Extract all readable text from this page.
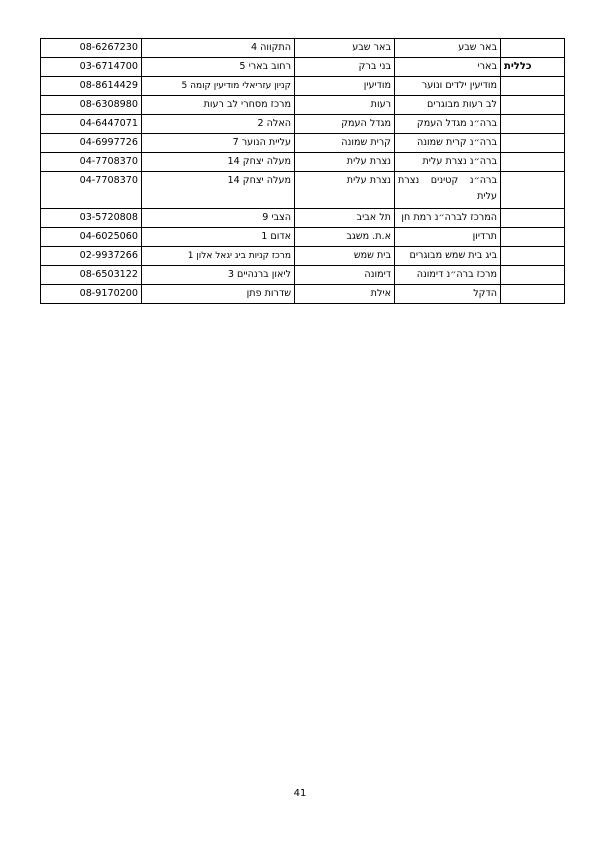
	באר שבע	באר שבע	התקווה 4	08-6267230

כללית	בארי	בני ברק	רחוב בארי 5	03-6714700

	מודיעין ילדים ונוער	מודיעין	קניון עזריאלי מודיעין קומה 5	08-8614429

	לב רעות מבוגרים	רעות	מרכז מסחרי לב רעות	08-6308980

	ברה״נ מגדל העמק	מגדל העמק	האלה 2	04-6447071

	ברה״נ קרית שמונה	קרית שמונה	עליית הנוער 7	04-6997726

	ברה״נ נצרת עלית	נצרת עלית	מעלה יצחק 14	04-7708370

	ברה״נ קטינים נצרת
עלית	נצרת עלית	מעלה יצחק 14	04-7708370

	המרכז לברה״נ רמת חן	תל אביב	הצבי 9	03-5720808

	תרדיון	א.ת. משגב	אדום 1	04-6025060

	ביג בית שמש מבוגרים	בית שמש	מרכז קניות ביג יגאל אלון 1	02-9937266

	מרכז ברה״נ דימונה	דימונה	ליאון ברנהיים 3	08-6503122

	הדקל	אילת	שדרות פתן	08-9170200
41
